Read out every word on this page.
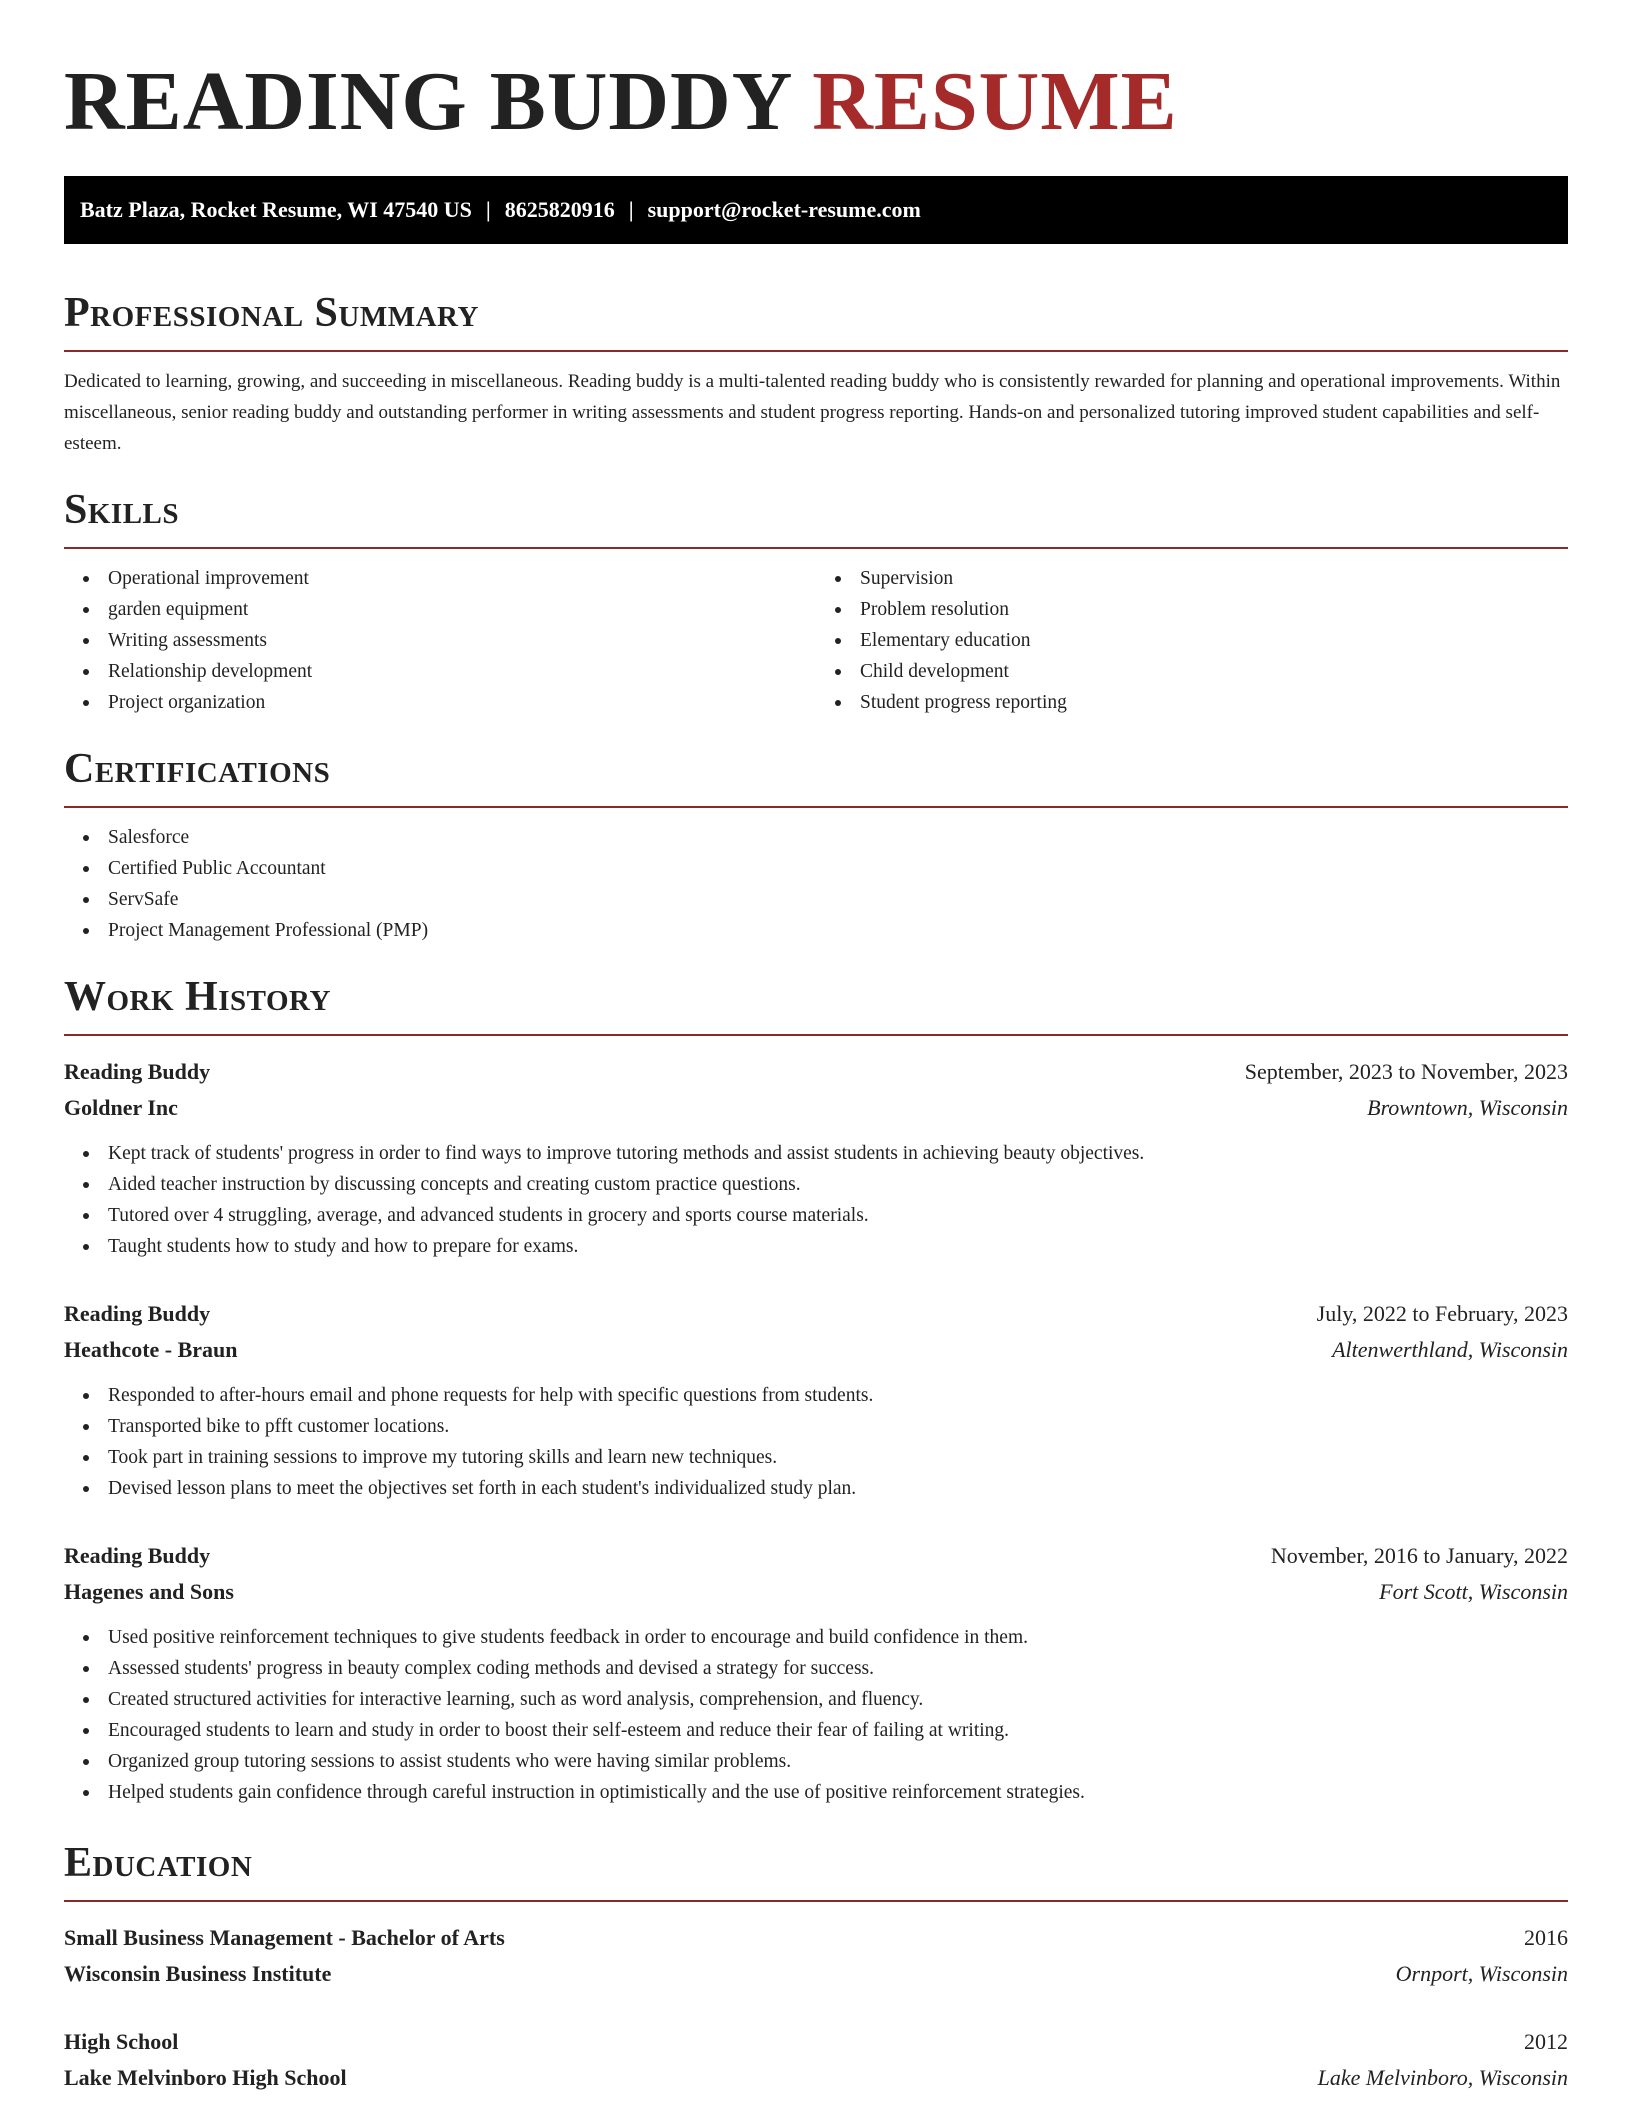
READING BUDDY RESUME
Batz Plaza, Rocket Resume, WI 47540 US | 8625820916 | support@rocket-resume.com
Professional Summary

Dedicated to learning, growing, and succeeding in miscellaneous. Reading buddy is a multi-talented reading buddy who is consistently rewarded for planning and operational improvements. Within miscellaneous, senior reading buddy and outstanding performer in writing assessments and student progress reporting. Hands-on and personalized tutoring improved student capabilities and self-esteem.

Skills
Operational improvement
garden equipment
Writing assessments
Relationship development
Project organization
Supervision
Problem resolution
Elementary education
Child development
Student progress reporting
Certifications
Salesforce
Certified Public Accountant
ServSafe
Project Management Professional (PMP)
Work History
Reading Buddy	September, 2023 to November, 2023
Goldner Inc	Browntown, Wisconsin
Kept track of students' progress in order to find ways to improve tutoring methods and assist students in achieving beauty objectives.
Aided teacher instruction by discussing concepts and creating custom practice questions.
Tutored over 4 struggling, average, and advanced students in grocery and sports course materials.
Taught students how to study and how to prepare for exams.
Reading Buddy	July, 2022 to February, 2023
Heathcote - Braun	Altenwerthland, Wisconsin
Responded to after-hours email and phone requests for help with specific questions from students.
Transported bike to pfft customer locations.
Took part in training sessions to improve my tutoring skills and learn new techniques.
Devised lesson plans to meet the objectives set forth in each student's individualized study plan.
Reading Buddy	November, 2016 to January, 2022
Hagenes and Sons	Fort Scott, Wisconsin
Used positive reinforcement techniques to give students feedback in order to encourage and build confidence in them.
Assessed students' progress in beauty complex coding methods and devised a strategy for success.
Created structured activities for interactive learning, such as word analysis, comprehension, and fluency.
Encouraged students to learn and study in order to boost their self-esteem and reduce their fear of failing at writing.
Organized group tutoring sessions to assist students who were having similar problems.
Helped students gain confidence through careful instruction in optimistically and the use of positive reinforcement strategies.
Education
Small Business Management - Bachelor of Arts	2016
Wisconsin Business Institute	Ornport, Wisconsin
High School	2012
Lake Melvinboro High School	Lake Melvinboro, Wisconsin
